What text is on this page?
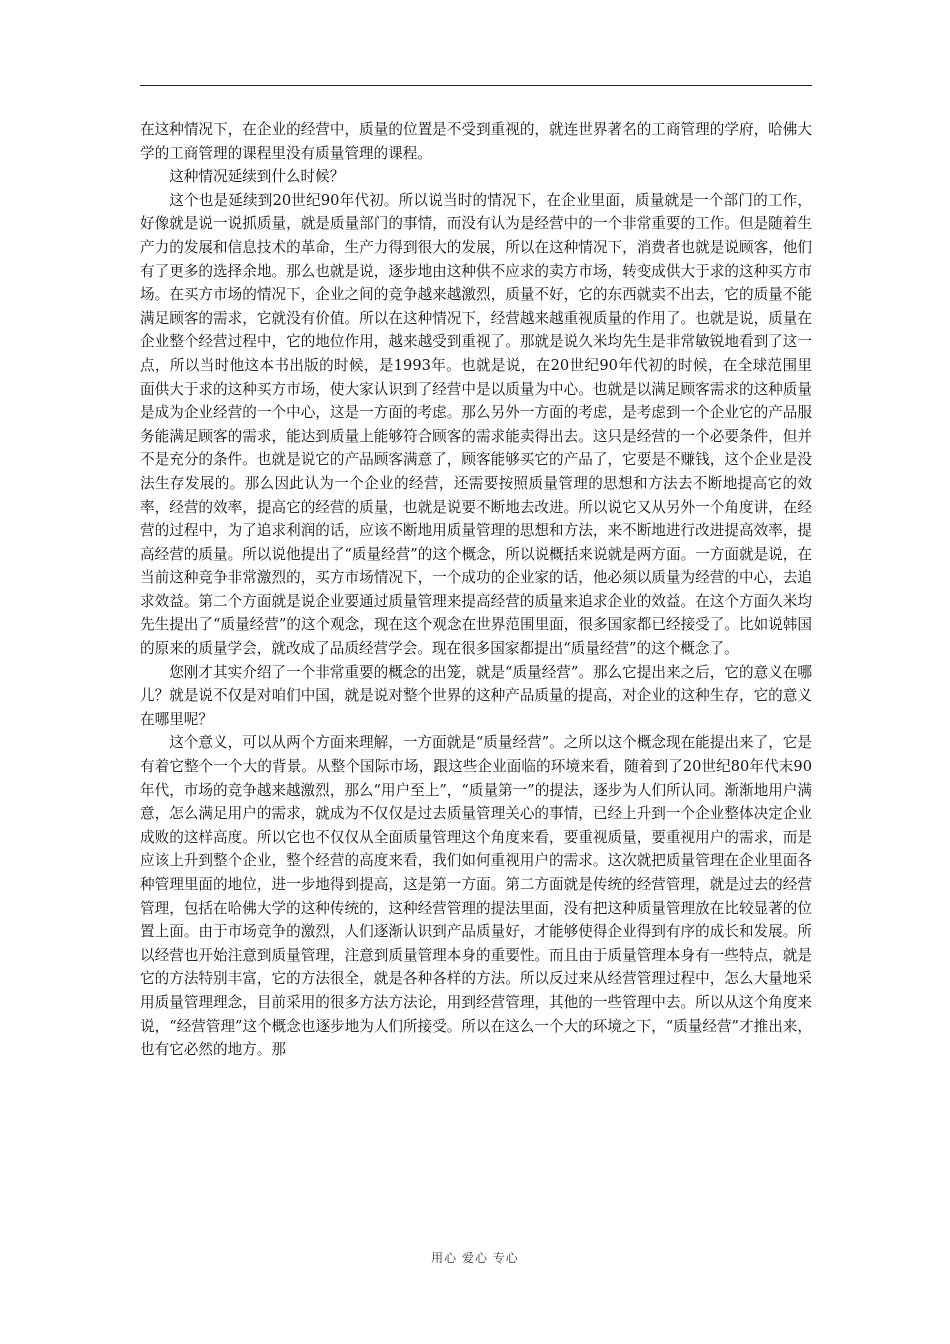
在这种情况下，在企业的经营中，质量的位置是不受到重视的，就连世界著名的工商管理的学府，哈佛大学的工商管理的课程里没有质量管理的课程。

这种情况延续到什么时候？

这个也是延续到20世纪90年代初。所以说当时的情况下，在企业里面，质量就是一个部门的工作，好像就是说一说抓质量，就是质量部门的事情，而没有认为是经营中的一个非常重要的工作。但是随着生产力的发展和信息技术的革命，生产力得到很大的发展，所以在这种情况下，消费者也就是说顾客，他们有了更多的选择余地。那么也就是说，逐步地由这种供不应求的卖方市场，转变成供大于求的这种买方市场。在买方市场的情况下，企业之间的竞争越来越激烈，质量不好，它的东西就卖不出去，它的质量不能满足顾客的需求，它就没有价值。所以在这种情况下，经营越来越重视质量的作用了。也就是说，质量在企业整个经营过程中，它的地位作用，越来越受到重视了。那就是说久米均先生是非常敏锐地看到了这一点，所以当时他这本书出版的时候，是1993年。也就是说，在20世纪90年代初的时候，在全球范围里面供大于求的这种买方市场，使大家认识到了经营中是以质量为中心。也就是以满足顾客需求的这种质量是成为企业经营的一个中心，这是一方面的考虑。那么另外一方面的考虑，是考虑到一个企业它的产品服务能满足顾客的需求，能达到质量上能够符合顾客的需求能卖得出去。这只是经营的一个必要条件，但并不是充分的条件。也就是说它的产品顾客满意了，顾客能够买它的产品了，它要是不赚钱，这个企业是没法生存发展的。那么因此认为一个企业的经营，还需要按照质量管理的思想和方法去不断地提高它的效率，经营的效率，提高它的经营的质量，也就是说要不断地去改进。所以说它又从另外一个角度讲，在经营的过程中，为了追求利润的话，应该不断地用质量管理的思想和方法，来不断地进行改进提高效率，提高经营的质量。所以说他提出了“质量经营”的这个概念，所以说概括来说就是两方面。一方面就是说，在当前这种竞争非常激烈的，买方市场情况下，一个成功的企业家的话，他必须以质量为经营的中心，去追求效益。第二个方面就是说企业要通过质量管理来提高经营的质量来追求企业的效益。在这个方面久米均先生提出了“质量经营”的这个观念，现在这个观念在世界范围里面，很多国家都已经接受了。比如说韩国的原来的质量学会，就改成了品质经营学会。现在很多国家都提出“质量经营”的这个概念了。

您刚才其实介绍了一个非常重要的概念的出笼，就是“质量经营”。那么它提出来之后，它的意义在哪儿？就是说不仅是对咱们中国，就是说对整个世界的这种产品质量的提高，对企业的这种生存，它的意义在哪里呢？

这个意义，可以从两个方面来理解，一方面就是“质量经营”。之所以这个概念现在能提出来了，它是有着它整个一个大的背景。从整个国际市场，跟这些企业面临的环境来看，随着到了20世纪80年代末90年代，市场的竞争越来越激烈，那么“用户至上”，“质量第一”的提法，逐步为人们所认同。渐渐地用户满意，怎么满足用户的需求，就成为不仅仅是过去质量管理关心的事情，已经上升到一个企业整体决定企业成败的这样高度。所以它也不仅仅从全面质量管理这个角度来看，要重视质量，要重视用户的需求，而是应该上升到整个企业，整个经营的高度来看，我们如何重视用户的需求。这次就把质量管理在企业里面各种管理里面的地位，进一步地得到提高，这是第一方面。第二方面就是传统的经营管理，就是过去的经营管理，包括在哈佛大学的这种传统的，这种经营管理的提法里面，没有把这种质量管理放在比较显著的位置上面。由于市场竞争的激烈，人们逐渐认识到产品质量好，才能够使得企业得到有序的成长和发展。所以经营也开始注意到质量管理，注意到质量管理本身的重要性。而且由于质量管理本身有一些特点，就是它的方法特别丰富，它的方法很全，就是各种各样的方法。所以反过来从经营管理过程中，怎么大量地采用质量管理理念，目前采用的很多方法方法论，用到经营管理，其他的一些管理中去。所以从这个角度来说，“经营管理”这个概念也逐步地为人们所接受。所以在这么一个大的环境之下，“质量经营”才推出来，也有它必然的地方。那

用心 爱心 专心
